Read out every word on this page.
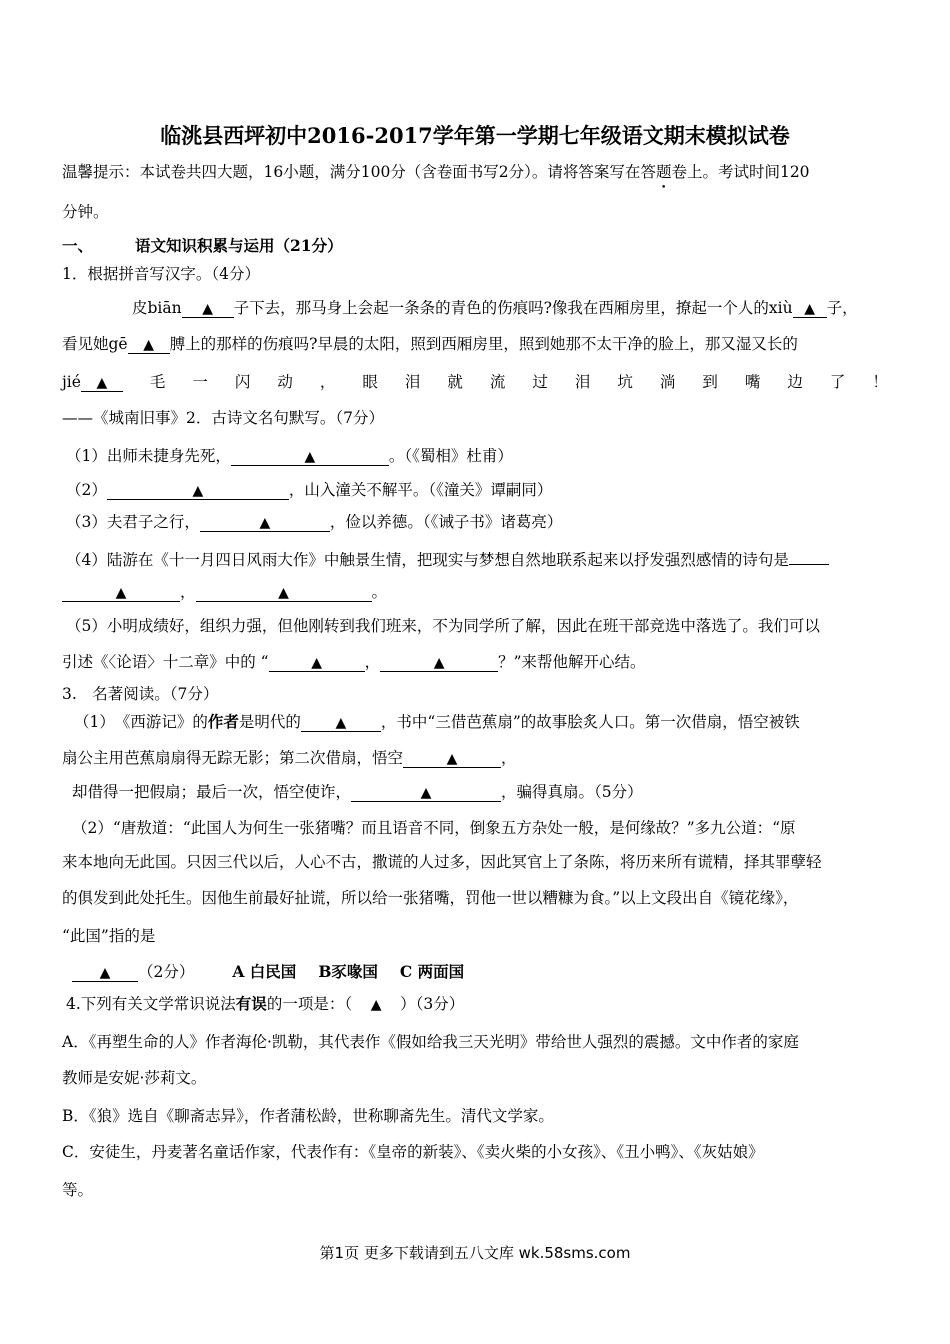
临洮县西坪初中2016-2017学年第一学期七年级语文期末模拟试卷
温馨提示：本试卷共四大题，16小题，满分100分（含卷面书写2分）。请将答案写在答题卷上。考试时间120
分钟。
一、	语文知识积累与运用（21分）
1．根据拼音写汉字。（4分）
皮biān ▲ 子下去，那马身上会起一条条的青色的伤痕吗?像我在西厢房里，撩起一个人的xiù ▲ 子，
看见她gē ▲ 膊上的那样的伤痕吗?早晨的太阳，照到西厢房里，照到她那不太干净的脸上，那又湿又长的
jié ▲	毛 一 闪 动 ， 眼 泪 就 流 过 泪 坑 淌 到 嘴 边 了 ！
——《城南旧事》2．古诗文名句默写。（7分）
（1）出师未捷身先死，	▲	。（《蜀相》杜甫）
（2）	▲	，山入潼关不解平。（《潼关》谭嗣同）
（3）夫君子之行，	▲	，俭以养德。（《诫子书》诸葛亮）
（4）陆游在《十一月四日风雨大作》中触景生情，把现实与梦想自然地联系起来以抒发强烈感情的诗句是
▲	，	▲	。
（5）小明成绩好，组织力强，但他刚转到我们班来，不为同学所了解，因此在班干部竞选中落选了。我们可以
引述《〈论语〉十二章》中的 “	▲	，	▲	？”来帮他解开心结。
3.　名著阅读。（7分）
（1）　《西游记》的作者是明代的 ▲ ，书中“三借芭蕉扇”的故事脍炙人口。第一次借扇，悟空被铁
扇公主用芭蕉扇扇得无踪无影；第二次借扇，悟空	▲	，
却借得一把假扇；最后一次，悟空使诈，	▲	，骗得真扇。（5分）
（2）“唐敖道：“此国人为何生一张猪嘴？而且语音不同，倒象五方杂处一般，是何缘故？”多九公道：“原
来本地向无此国。只因三代以后，人心不古，撒谎的人过多，因此冥官上了条陈，将历来所有谎精，择其罪孽轻
的俱发到此处托生。因他生前最好扯谎，所以给一张猪嘴，罚他一世以糟糠为食。”以上文段出自《镜花缘》，
“此国”指的是
▲ （2分） A 白民国 B豕喙国 C 两面国
4.下列有关文学常识说法有误的一项是：（ ▲ ）（3分）
A．《再塑生命的人》作者海伦·凯勒，其代表作《假如给我三天光明》带给世人强烈的震撼。文中作者的家庭
教师是安妮·莎莉文。
B．《狼》选自《聊斋志异》，作者蒲松龄，世称聊斋先生。清代文学家。
C．安徒生，丹麦著名童话作家，代表作有：《皇帝的新装》、《卖火柴的小女孩》、《丑小鸭》、《灰姑娘》
等。
第1页 更多下载请到五八文库 wk.58sms.com
